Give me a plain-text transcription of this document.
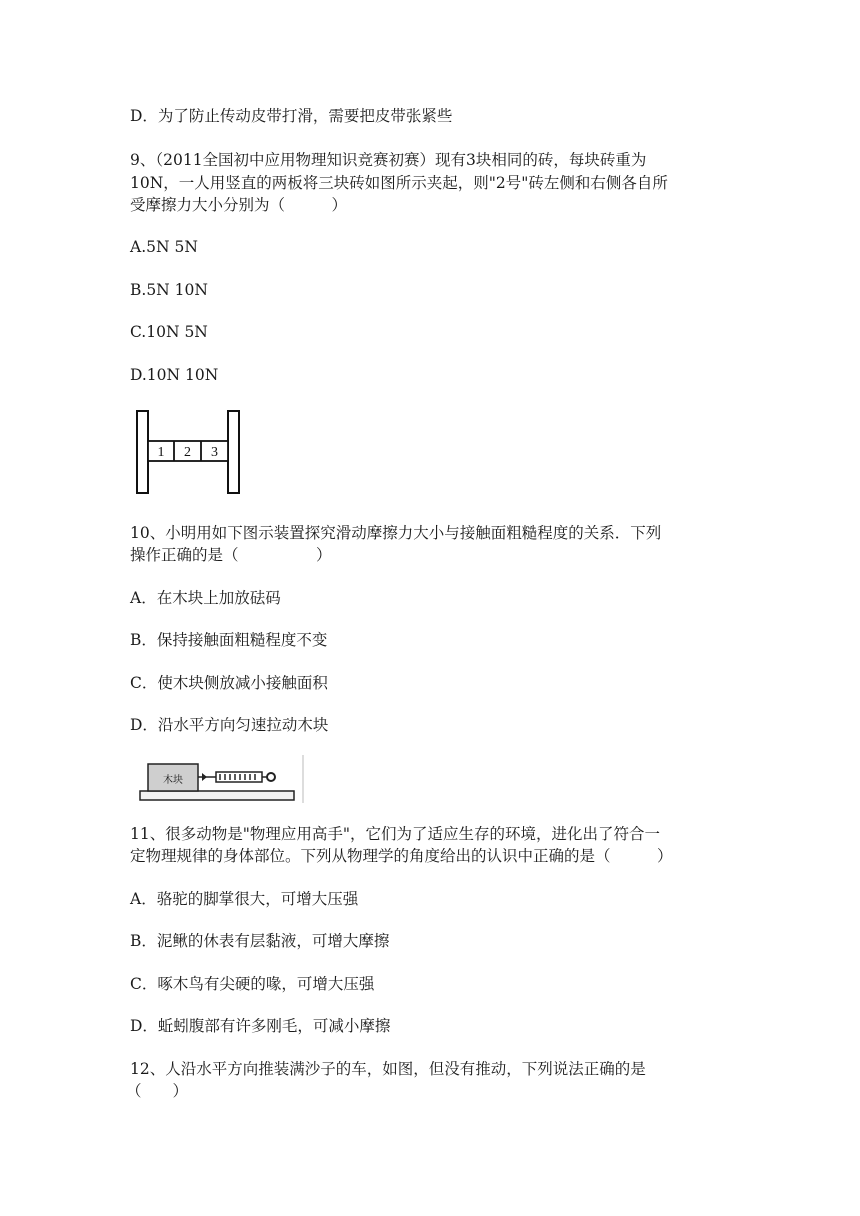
D．为了防止传动皮带打滑，需要把皮带张紧些
9、（2011全国初中应用物理知识竞赛初赛）现有3块相同的砖，每块砖重为
10N，一人用竖直的两板将三块砖如图所示夹起，则"2号"砖左侧和右侧各自所
受摩擦力大小分别为（　　　）
A.5N 5N
B.5N 10N
C.10N 5N
D.10N 10N
1 2 3
10、小明用如下图示装置探究滑动摩擦力大小与接触面粗糙程度的关系．下列
操作正确的是（　　　　　）
A．在木块上加放砝码
B．保持接触面粗糙程度不变
C．使木块侧放减小接触面积
D．沿水平方向匀速拉动木块
木块
11、很多动物是"物理应用高手"，它们为了适应生存的环境，进化出了符合一
定物理规律的身体部位。下列从物理学的角度给出的认识中正确的是（　　　）
A．骆驼的脚掌很大，可增大压强
B．泥鳅的休表有层黏液，可增大摩擦
C．啄木鸟有尖硬的喙，可增大压强
D．蚯蚓腹部有许多刚毛，可减小摩擦
12、人沿水平方向推装满沙子的车，如图，但没有推动，下列说法正确的是
（　　）
